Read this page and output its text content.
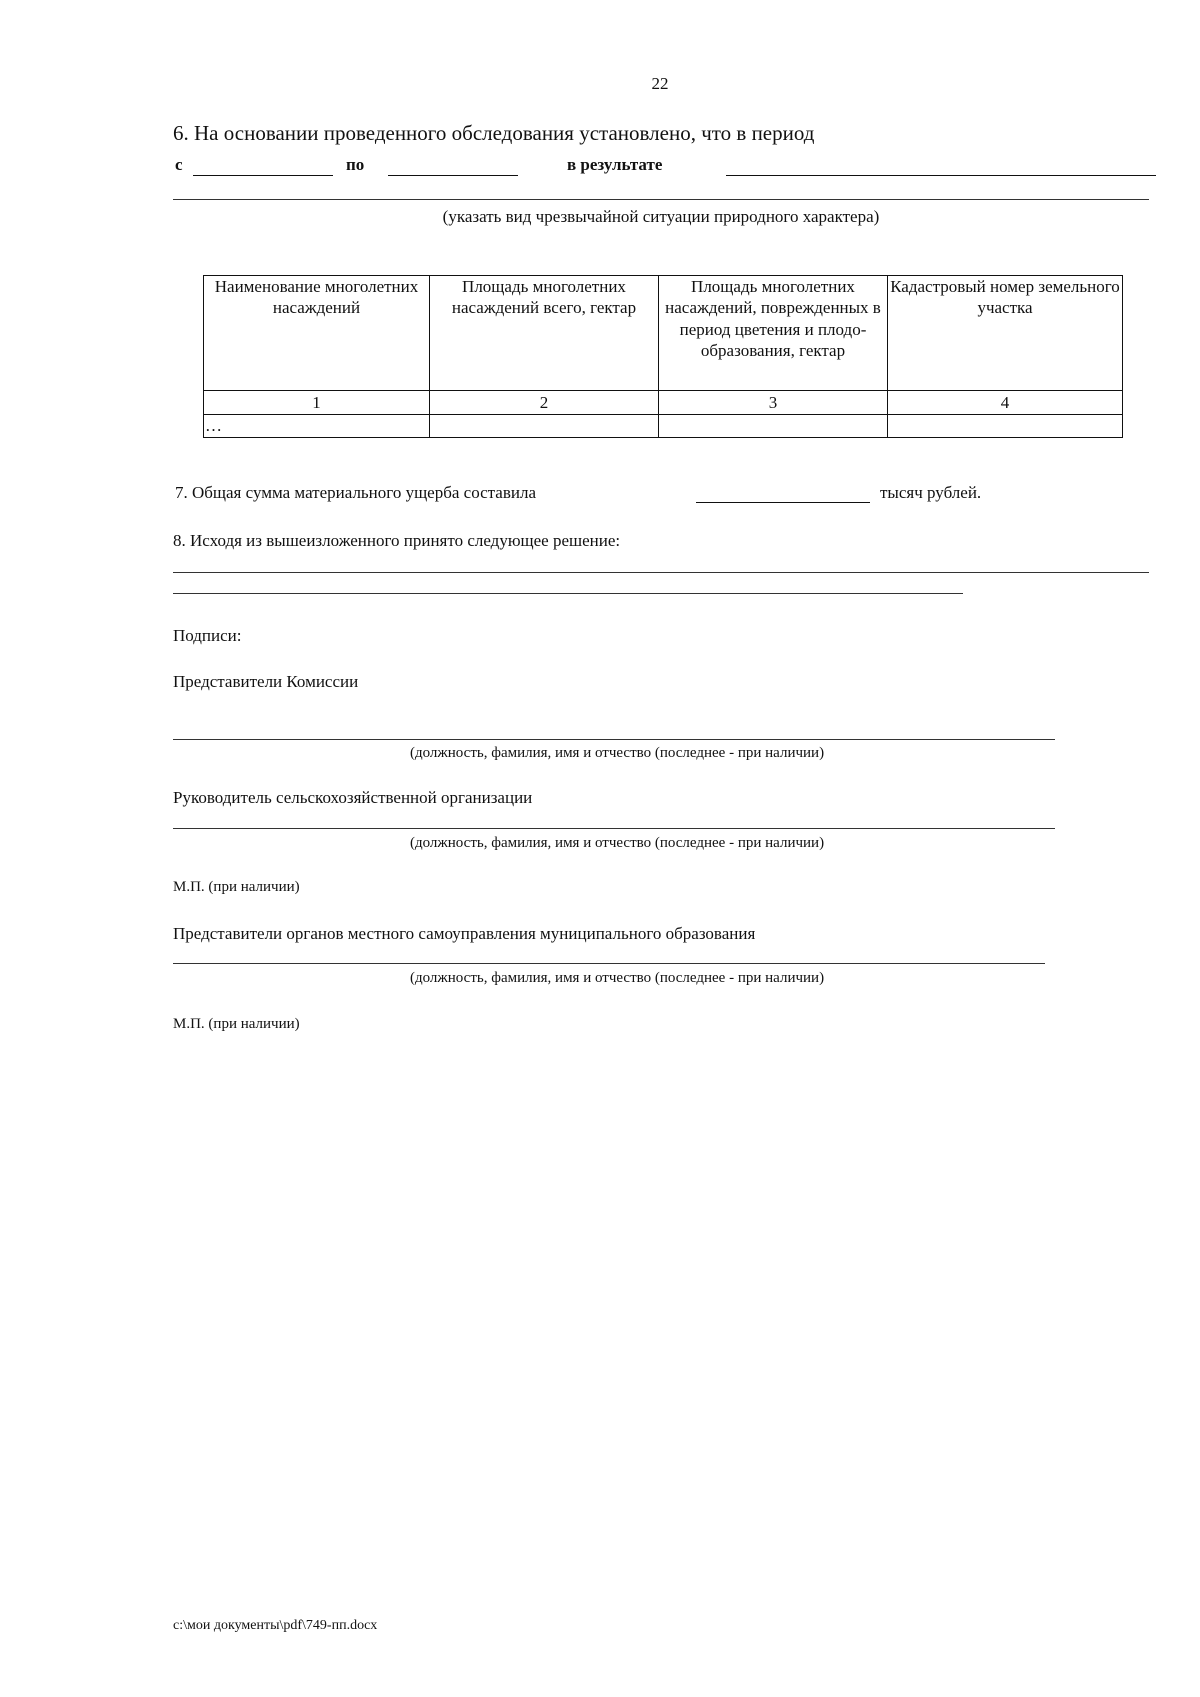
22
6. На основании проведенного обследования установлено, что в период
с	по	в результате
(указать вид чрезвычайной ситуации природного характера)
Наименование многолетних насаждений	Площадь многолетних насаждений всего, гектар	Площадь многолетних насаждений, поврежденных в период цветения и плодо-образования, гектар	Кадастровый номер земельного участка
1	2	3	4
…			
7. Общая сумма материального ущерба составила	тысяч рублей.
8. Исходя из вышеизложенного принято следующее решение:
Подписи:
Представители Комиссии
(должность, фамилия, имя и отчество (последнее - при наличии)
Руководитель сельскохозяйственной организации
(должность, фамилия, имя и отчество (последнее - при наличии)
М.П. (при наличии)
Представители органов местного самоуправления муниципального образования
(должность, фамилия, имя и отчество (последнее - при наличии)
М.П. (при наличии)
c:\мои документы\pdf\749-пп.docx
